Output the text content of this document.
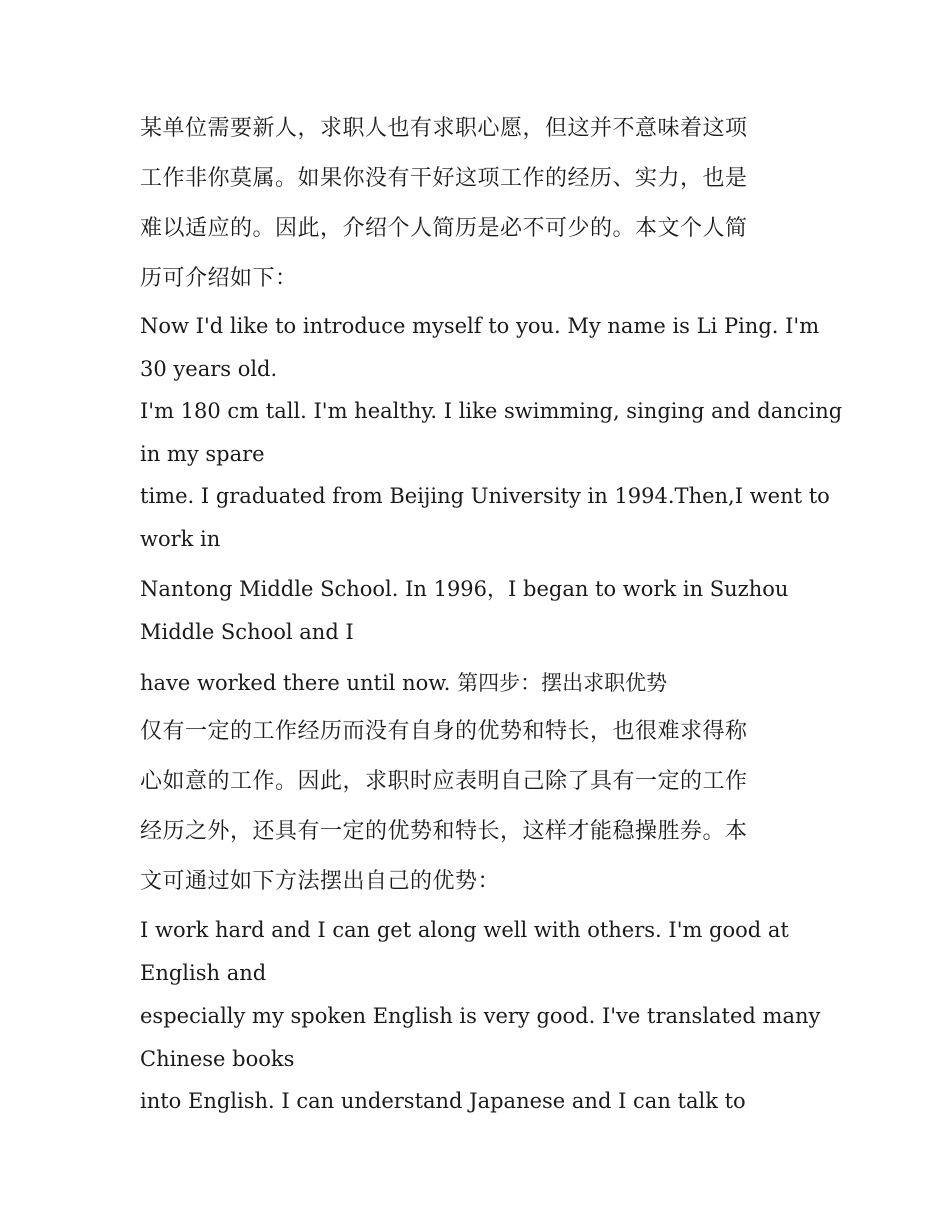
某单位需要新人，求职人也有求职心愿，但这并不意味着这项
工作非你莫属。如果你没有干好这项工作的经历、实力，也是
难以适应的。因此，介绍个人简历是必不可少的。本文个人简
历可介绍如下：

Now I'd like to introduce myself to you. My name is Li Ping. I'm
30 years old.

I'm 180 cm tall. I'm healthy. I like swimming, singing and dancing
in my spare

time. I graduated from Beijing University in 1994.Then,I went to
work in

Nantong Middle School. In 1996，I began to work in Suzhou
Middle School and I

have worked there until now. 第四步：摆出求职优势

仅有一定的工作经历而没有自身的优势和特长，也很难求得称
心如意的工作。因此，求职时应表明自己除了具有一定的工作
经历之外，还具有一定的优势和特长，这样才能稳操胜券。本
文可通过如下方法摆出自己的优势：

I work hard and I can get along well with others. I'm good at
English and

especially my spoken English is very good. I've translated many
Chinese books

into English. I can understand Japanese and I can talk to
